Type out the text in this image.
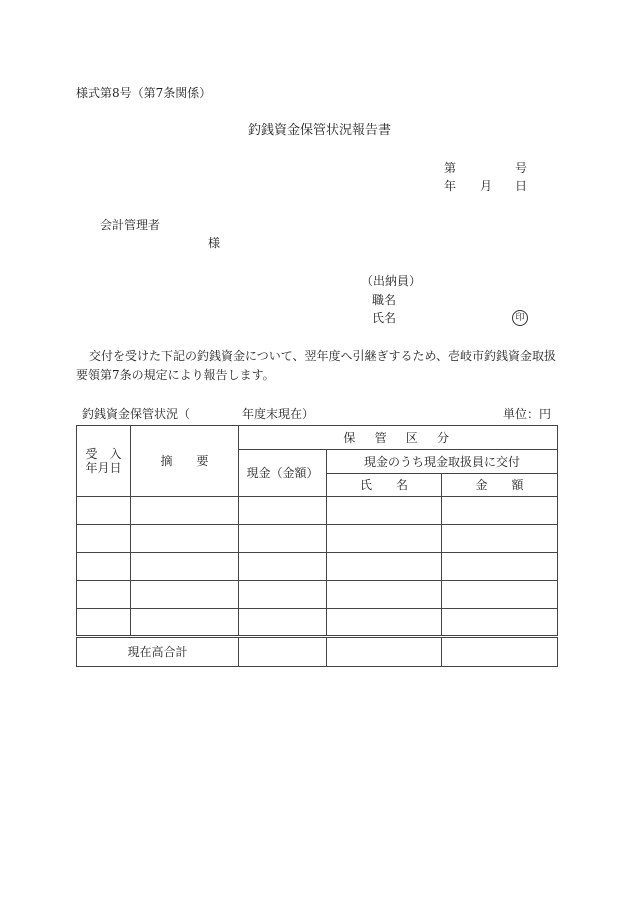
様式第8号（第7条関係）
釣銭資金保管状況報告書
第	号
年 月 日
会計管理者
様
（出納員）
職名
氏名	印
交付を受けた下記の釣銭資金について、翌年度へ引継ぎするため、壱岐市釣銭資金取扱
要領第7条の規定により報告します。
釣銭資金保管状況（	年度末現在）	単位：円
受　入
年月日	摘　　要	保　管　区　分		
		現金（金額）	現金のうち現金取扱員に交付	
			氏　　名	金　　額

現在高合計				
